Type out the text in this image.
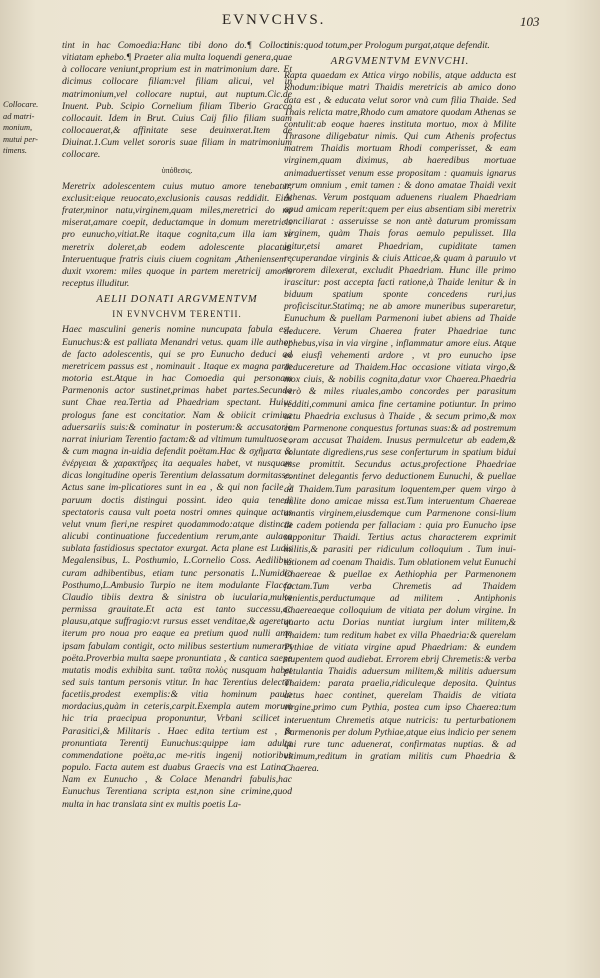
EVNVCHVS.	103
Collocare.
ad matri-
monium,
mutui per-
timens.

tint in hac Comoedia:Hanc tibi dono do.¶ Collocat vitiatam ephebo.¶ Praeter alia multa loquendi genera,quae à collocare veniunt,proprium est in matrimonium dare. Et dicimus collocare filiam:vel filiam alicui, vel in matrimonium,vel collocare nuptui, aut nuptum.Cic.de Inuent. Pub. Scipio Cornelium filiam Tiberio Gracco collocauit. Idem in Brut. Cuius Caij filio filiam suam collocauerat,& affinitate sese deuinxerat.Item de Diuinat.1.Cum vellet sororis suae filiam in matrimonium collocare.

ὑπόθεσις.

Meretrix adolescentem cuius mutuo amore tenebatur, exclusit:eique reuocato,exclusionis causas reddidit. Eius frater,minor natu,virginem,quam miles,meretrici do no miserat,amare coepit, deductamque in domum meretricis pro eunucho,vitiat.Re itaque cognita,cum illa iam se meretrix doleret,ab eodem adolescente placatur. Interuentuque fratris ciuis ciuem cognitam ,Atheniensem , duxit vxorem: miles quoque in partem meretricij amoris receptus illuditur.

AELII DONATI ARGVMENTVM
IN EVNVCHVM TERENTII.

Haec masculini generis nomine nuncupata fabula est, Eunuchus:& est palliata Menandri vetus. quam ille author de facto adolescentis, qui se pro Eunucho deduci ad meretricem passus est , nominauit . Itaque ex magna parte motoria est.Atque in hac Comoedia qui personam Parmenonis actor sustinet,primas habet partes.Secunda sunt Chae rea.Tertia ad Phaedriam spectant. Huius prologus fane est concitatior. Nam & obiicit crimina aduersariis suis:& cominatur in posterum:& accusatorie narrat iniuriam Terentio factam:& ad vltimum tumultuose , & cum magna in-uidia defendit poëtam.Hac & σχῆματα & ἐνέργειαι & χαρακτῆρες ita aequales habet, vt nusquam dicas longitudine operis Terentium delassatum dormitasse. Actus sane im-plicatiores sunt in ea , & qui non facile à paruum doctis distingui possint. ideo quia tenedi spectatoris causa vult poeta nostri omnes quinque actus velut vnum fieri,ne respiret quodammodo:atque distincta alicubi continuatione fuccedentium rerum,ante aulaea sublata fastidiosus spectator exurgat. Acta plane est Ludis Megalensibus, L. Posthumio, L.Cornelio Coss. Aedilibus curam adhibentibus, etiam tunc personatis L.Numidio Posthumo,L.Ambusio Turpio ne item modulante Flacco Claudio tibiis dextra & sinistra ob iucularia,multa permissa grauitate.Et acta est tanto successu,ac plausu,atque suffragio:vt rursus esset venditae,& ageretur iterum pro noua pro eaque ea pretium quod nulli ante ipsam fabulam contigit, octo milibus sestertium numeraret poëta.Proverbia multa saepe pronuntiata , & cantica saepe mutatis modis exhibita sunt. ταῦτα πολὺς nusquam habet sed suis tantum personis vtitur. In hac Terentius delectat facetiis,prodest exemplis:& vitia hominum paulo mordacius,quàm in ceteris,carpit.Exempla autem morum hic tria praecipua proponuntur, Vrbani scilicet , Parasitici,& Militaris . Haec edita tertium est , & pronuntiata Terentij Eunuchus:quippe iam adulta commendatione poëta,ac me-ritis ingenij notioribus populo. Facta autem est duabus Graecis vna est Latina . Nam ex Eunucho , & Colace Menandri fabulis,hac Eunuchus Terentiana scripta est,non sine crimine,quod multa in hac translata sint ex multis poetis La-

tinis:quod totum,per Prologum purgat,atque defendit.

ARGVMENTVM EVNVCHI.

Rapta quaedam ex Attica virgo nobilis, atque adducta est Rhodum:ibique matri Thaidis meretricis ab amico dono data est , & educata velut soror vnà cum filia Thaide. Sed Thais relicta matre,Rhodo cum amatore quodam Athenas se contulit:ab eoque haeres instituta mortuo, mox à Milite Thrasone diligebatur nimis. Qui cum Athenis profectus matrem Thaidis mortuam Rhodi comperisset, & eam virginem,quam diximus, ab haeredibus mortuae animaduertisset venum esse propositam : quamuis ignarus rerum omnium , emit tamen : & dono amatae Thaidi vexit Athenas. Verum postquam aduenens riualem Phaedriam apud amicam reperit:quem per eius absentiam sibi meretrix conciliarat : asseruisse se non antè daturum promissam virginem, quàm Thais foras aemulo pepulisset. Illa igitur,etsi amaret Phaedriam, cupiditate tamen recuperandae virginis & ciuis Atticae,& quam à paruulo vt sororem dilexerat, excludit Phaedriam. Hunc ille primo irascitur: post accepta facti ratione,à Thaide lenitur & in biduum spatium sponte concedens ruri,ius proficiscitur.Statimq; ne ab amore muneribus superaretur, Eunuchum & puellam Parmenoni iubet abiens ad Thaide deducere. Verum Chaerea frater Phaedriae tunc ephebus,visa in via virgine , inflammatur amore eius. Atque eo eiusfi vehementi ardore , vt pro eunucho ipse deducereture ad Thaidem.Hac occasione vitiata virgo,& mox ciuis, & nobilis cognita,datur vxor Chaerea.Phaedria verò & miles riuales,ambo concordes per parasitum redditi,communi amica fine certamine potiuntur. In primo actu Phaedria exclusus à Thaide , & secum primo,& mox cum Parmenone conquestus fortunas suas:& ad postremum coram accusat Thaidem. Inusus permulcetur ab eadem,& voluntate digrediens,rus sese conferturum in spatium bidui esse promittit. Secundus actus,profectione Phaedriae continet delegantis fervo deductionem Eunuchi, & puellae ad Thaidem.Tum parasitum loquentem,per quem virgo à milite dono amicae missa est.Tum interuentum Chaereae amantis virginem,eiusdemque cum Parmenone consi-lium de cadem potienda per fallaciam : quia pro Eunucho ipse supponitur Thaidi. Tertius actus characterem exprimit militis,& parasiti per ridiculum colloquium . Tum inui-tationem ad coenam Thaidis. Tum oblationem velut Eunuchi Chaereae & puellae ex Aethiophia per Parmenonem factam.Tum verba Chremetis ad Thaidem venientis,perductumque ad militem . Antiphonis Chaereaeque colloquium de vitiata per dolum virgine. In quarto actu Dorias nuntiat iurgium inter militem,& Thaidem: tum reditum habet ex villa Phaedria:& querelam Pythiae de vitiata virgine apud Phaedriam: & eundem stupentem quod audiebat. Errorem ebrij Chremetis:& verba petulantia Thaidis aduersum militem,& militis aduersum Thaidem: parata praelia,ridiculeque deposita. Quintus actus haec continet, querelam Thaidis de vitiata virgine,primo cum Pythia, postea cum ipso Chaerea:tum interuentum Chremetis atque nutricis: tu perturbationem Parmenonis per dolum Pythiae,atque eius indicio per senem qui rure tunc aduenerat, confirmatas nuptias. & ad vltimum,reditum in gratiam militis cum Phaedria & Chaerea.
